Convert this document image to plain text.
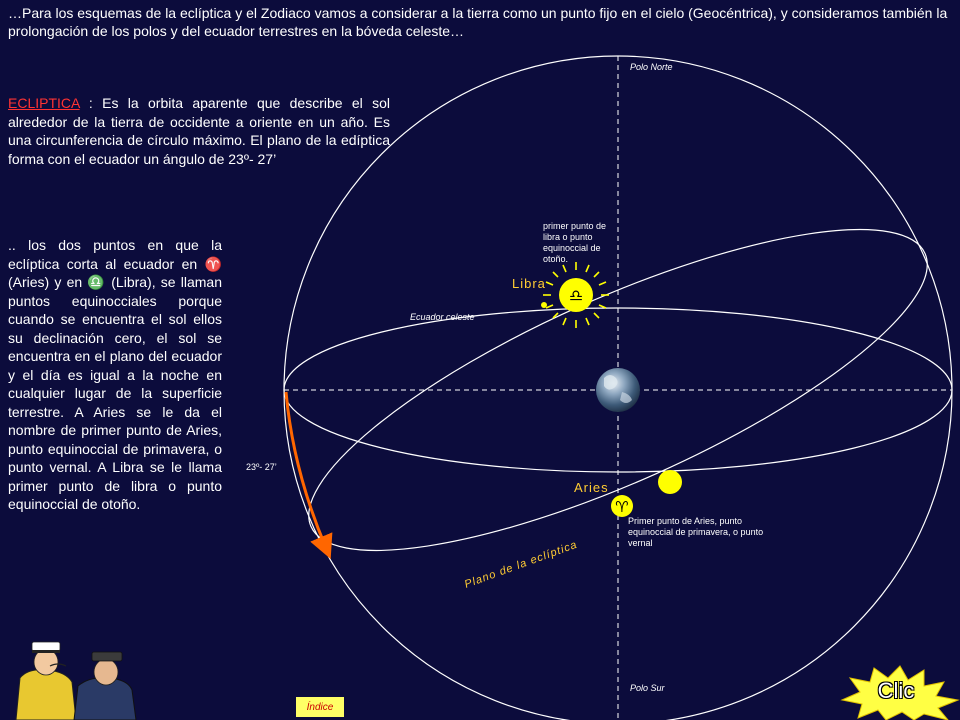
…Para los esquemas de la eclíptica y el Zodiaco vamos a considerar a la tierra como un punto fijo en el cielo (Geocéntrica), y consideramos también la prolongación de los polos y del ecuador terrestres en la bóveda celeste…
ECLIPTICA : Es la orbita aparente que describe el sol alrededor de la tierra de occidente a oriente en un año. Es una circunferencia de círculo máximo. El plano de la edíptica forma con el ecuador un ángulo de 23º- 27’
.. los dos puntos en que la eclíptica corta al ecuador en ♈ (Aries) y en ♎ (Libra), se llaman puntos equinocciales porque cuando se encuentra el sol ellos su declinación cero, el sol se encuentra en el plano del ecuador y el día es igual a la noche en cualquier lugar de la superficie terrestre. A Aries se le da el nombre de primer punto de Aries, punto equinoccial de primavera, o punto vernal. A Libra se le llama primer punto de libra o punto equinoccial de otoño.
♎
♈
Plano de la eclíptica
Polo Norte
Polo Sur
Ecuador celeste
23º- 27’
primer punto de libra o punto equinoccial de otoño.
Primer punto de Aries, punto equinoccial de primavera, o punto vernal
Libra
Aries
Índice
Clic
